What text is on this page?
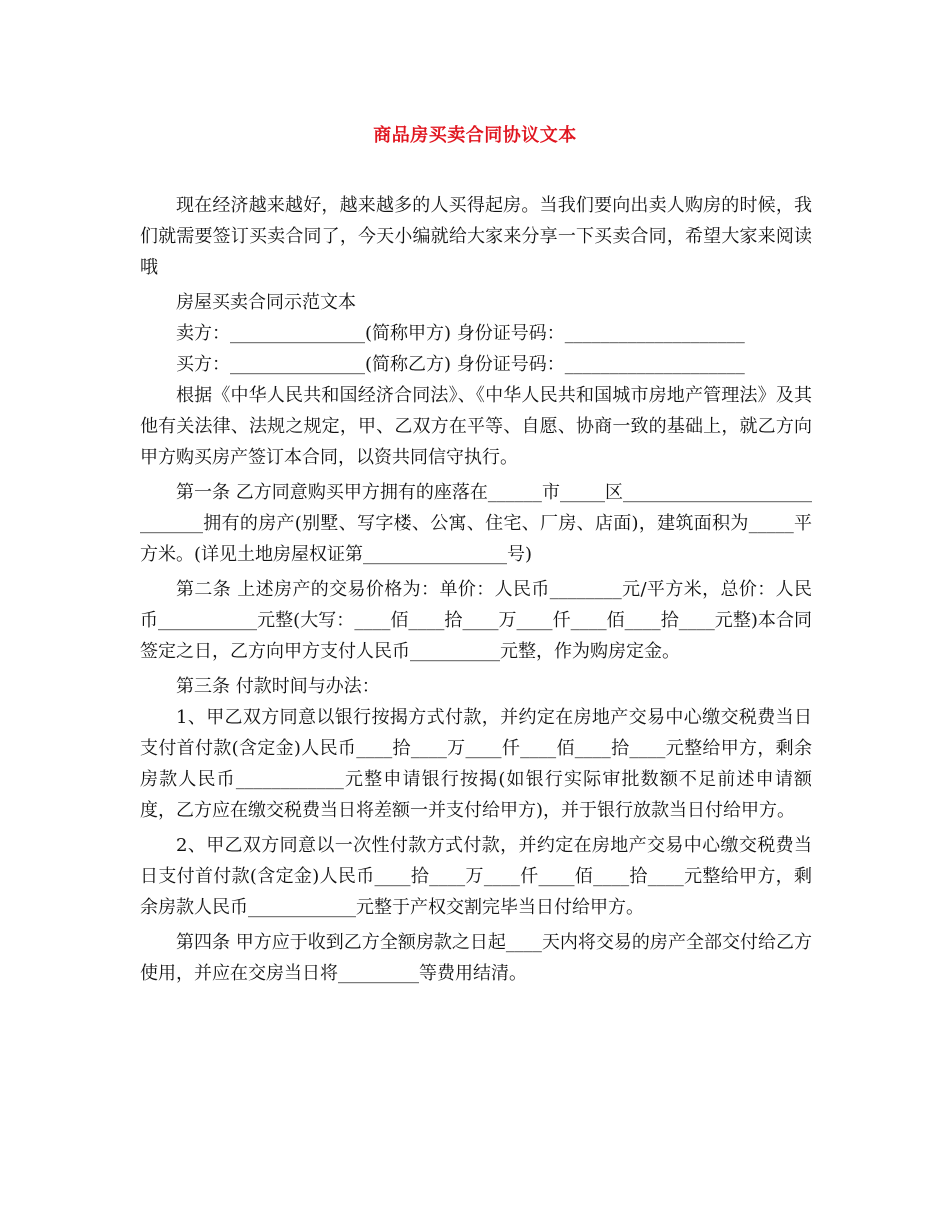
商品房买卖合同协议文本

现在经济越来越好，越来越多的人买得起房。当我们要向出卖人购房的时候，我们就需要签订买卖合同了，今天小编就给大家来分享一下买卖合同，希望大家来阅读哦

房屋买卖合同示范文本

卖方：_______________(简称甲方) 身份证号码：____________________

买方：_______________(简称乙方) 身份证号码：____________________

根据《中华人民共和国经济合同法》、《中华人民共和国城市房地产管理法》及其他有关法律、法规之规定，甲、乙双方在平等、自愿、协商一致的基础上，就乙方向甲方购买房产签订本合同，以资共同信守执行。

第一条 乙方同意购买甲方拥有的座落在______市_____区____________________________拥有的房产(别墅、写字楼、公寓、住宅、厂房、店面)，建筑面积为_____平方米。(详见土地房屋权证第________________号)

第二条 上述房产的交易价格为：单价：人民币________元/平方米，总价：人民币___________元整(大写：____佰____拾____万____仟____佰____拾____元整)本合同签定之日，乙方向甲方支付人民币__________元整，作为购房定金。

第三条 付款时间与办法：

1、甲乙双方同意以银行按揭方式付款，并约定在房地产交易中心缴交税费当日支付首付款(含定金)人民币____拾____万____仟____佰____拾____元整给甲方，剩余房款人民币____________元整申请银行按揭(如银行实际审批数额不足前述申请额度，乙方应在缴交税费当日将差额一并支付给甲方)，并于银行放款当日付给甲方。

2、甲乙双方同意以一次性付款方式付款，并约定在房地产交易中心缴交税费当日支付首付款(含定金)人民币____拾____万____仟____佰____拾____元整给甲方，剩余房款人民币____________元整于产权交割完毕当日付给甲方。

第四条 甲方应于收到乙方全额房款之日起____天内将交易的房产全部交付给乙方使用，并应在交房当日将_________等费用结清。
